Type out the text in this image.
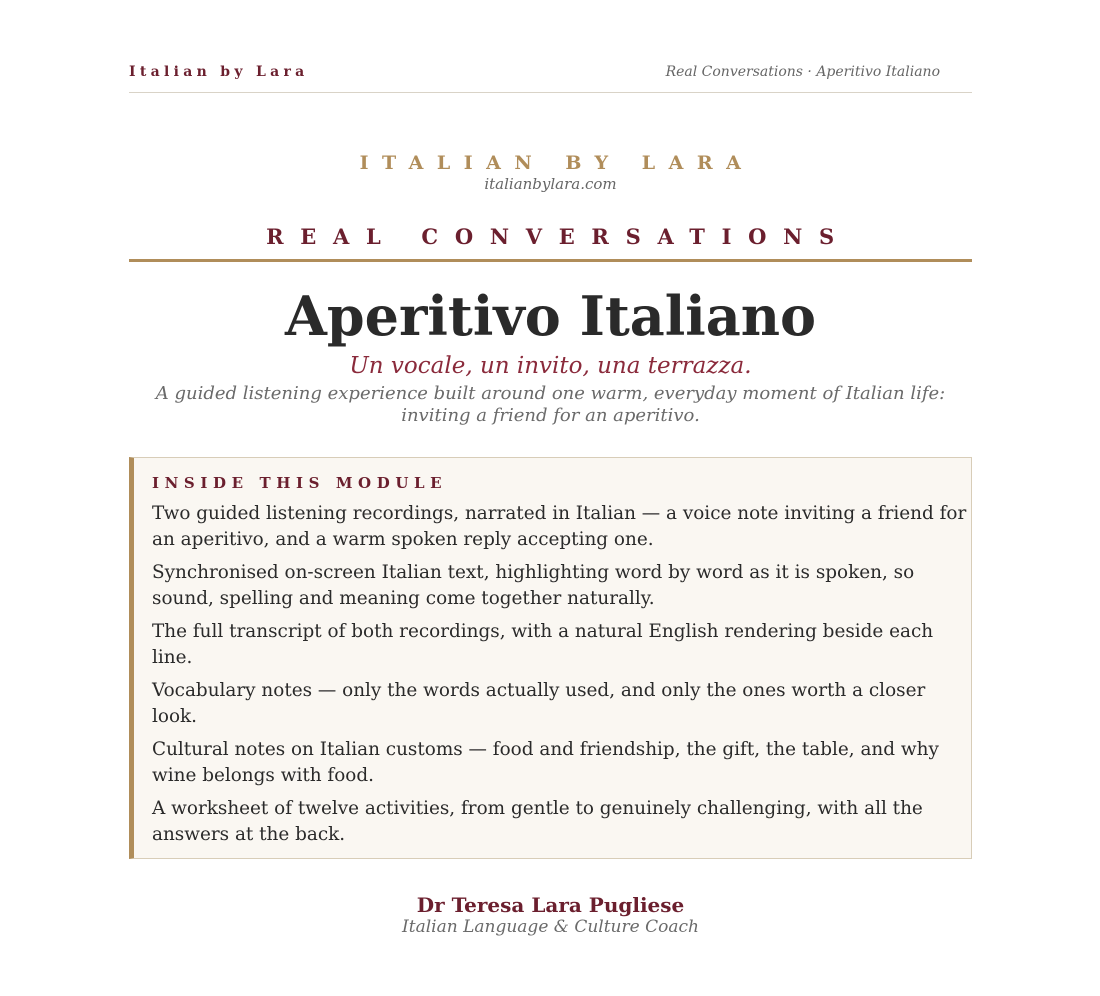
Italian by Lara	Real Conversations · Aperitivo Italiano
ITALIAN BY LARA
italianbylara.com
REAL CONVERSATIONS
Aperitivo Italiano
Un vocale, un invito, una terrazza.
A guided listening experience built around one warm, everyday moment of Italian life:
inviting a friend for an aperitivo.
INSIDE THIS MODULE
Two guided listening recordings, narrated in Italian — a voice note inviting a friend for an aperitivo, and a warm spoken reply accepting one.
Synchronised on-screen Italian text, highlighting word by word as it is spoken, so sound, spelling and meaning come together naturally.
The full transcript of both recordings, with a natural English rendering beside each line.
Vocabulary notes — only the words actually used, and only the ones worth a closer look.
Cultural notes on Italian customs — food and friendship, the gift, the table, and why wine belongs with food.
A worksheet of twelve activities, from gentle to genuinely challenging, with all the answers at the back.
Dr Teresa Lara Pugliese
Italian Language & Culture Coach
